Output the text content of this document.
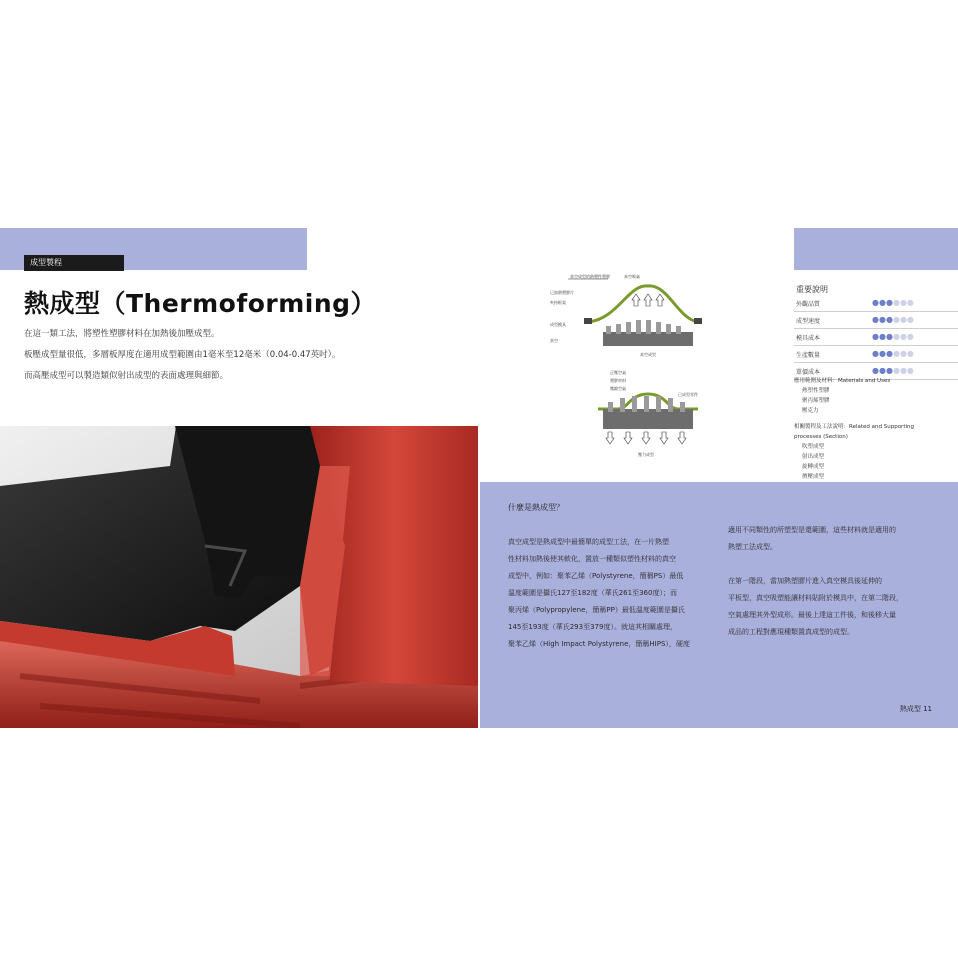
成型製程
熱成型（Thermoforming）
在這一類工法，將塑性塑膠材料在加熱後加壓成型。
板壓成型量很低，多層板厚度在適用成型範圍由1毫米至12毫米（0.04-0.47英吋）。
而高壓成型可以製造類似射出成型的表面處理與細節。
真空成型的熱塑性塑膠	真空吸氣
已加熱塑膠片
夾持框架
成型模具
真空
真空成型
正壓空氣
塑膠材料
壓縮空氣
已成型零件
壓力成型
重要說明
外觀品質	●●●●●●
成型速度	●●●●●●
模具成本	●●●●●●
生產數量	●●●●●●
單價成本	●●●●●●
應用範圍及材料：Materials and Uses
熱塑性塑膠
聚丙烯塑膠
壓克力
相關製程及工法說明：Related and Supporting
processes (Section)
吹塑成型
射出成型
旋轉成型
擠壓成型
什麼是熱成型？
真空成型是熱成型中最簡單的成型工法，在一片熱塑
性材料加熱後使其軟化，置放一種類似塑性材料的真空
成型中，例如：聚苯乙烯（Polystyrene，簡稱PS）最低
溫度範圍是攝氏127至182度（華氏261至360度）；而
聚丙烯（Polypropylene，簡稱PP）最低溫度範圍是攝氏
145至193度（華氏293至379度）。就這其相關處理，
聚苯乙烯（High Impact Polystyrene，簡稱HIPS），硬度
適用不同類性的所塑型是還範圍，這些材料就是適用的
熱塑工法成型。

在第一階段，當加熱塑膠片進入真空模具後延伸的
平板型，真空吸塑能讓材料貼附於模具中，在第二階段，
空氣處理其外型成形。最後上達這工件後，和後移大量
成品的工程對應現種類置真成型的成型。
熱成型 11
